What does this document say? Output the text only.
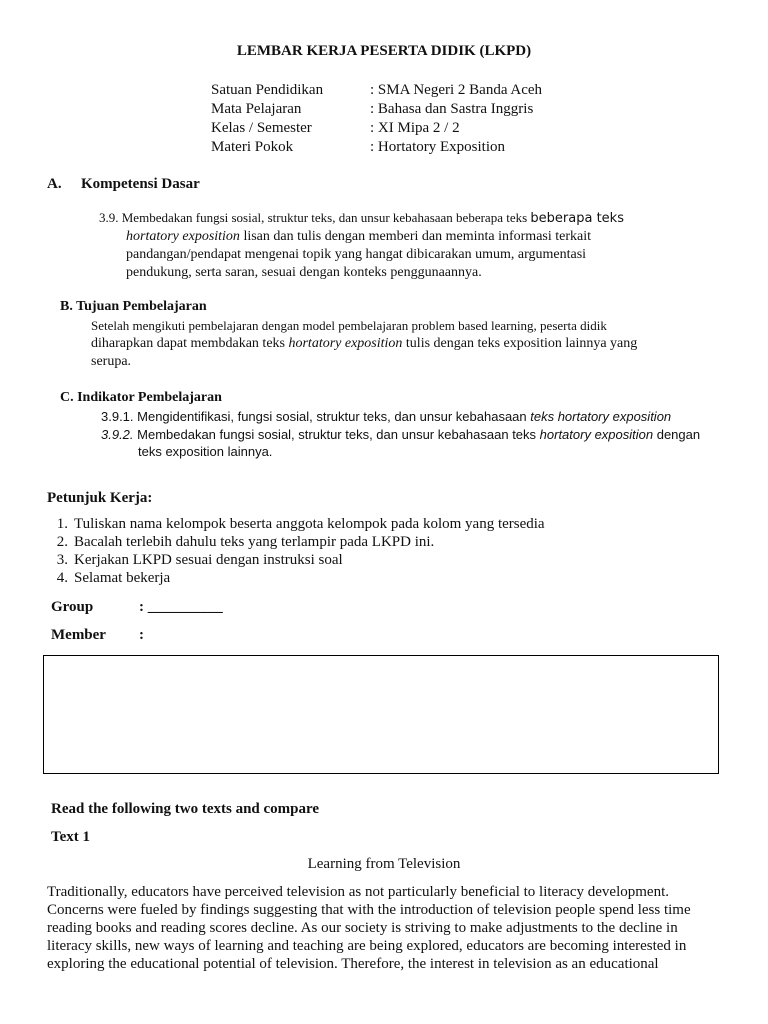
LEMBAR KERJA PESERTA DIDIK (LKPD)
Satuan Pendidikan	: SMA Negeri 2 Banda Aceh
Mata Pelajaran	: Bahasa dan Sastra Inggris
Kelas / Semester	: XI Mipa 2 / 2
Materi Pokok	: Hortatory Exposition
A. Kompetensi Dasar
3.9. Membedakan fungsi sosial, struktur teks, dan unsur kebahasaan beberapa teks beberapa teks
hortatory exposition lisan dan tulis dengan memberi dan meminta informasi terkait
pandangan/pendapat mengenai topik yang hangat dibicarakan umum, argumentasi
pendukung, serta saran, sesuai dengan konteks penggunaannya.
B. Tujuan Pembelajaran
Setelah mengikuti pembelajaran dengan model pembelajaran problem based learning, peserta didik
diharapkan dapat membdakan teks hortatory exposition tulis dengan teks exposition lainnya yang
serupa.
C. Indikator Pembelajaran
3.9.1. Mengidentifikasi, fungsi sosial, struktur teks, dan unsur kebahasaan teks hortatory exposition
3.9.2. Membedakan fungsi sosial, struktur teks, dan unsur kebahasaan teks hortatory exposition dengan
teks exposition lainnya.
Petunjuk Kerja:
1. Tuliskan nama kelompok beserta anggota kelompok pada kolom yang tersedia
2. Bacalah terlebih dahulu teks yang terlampir pada LKPD ini.
3. Kerjakan LKPD sesuai dengan instruksi soal
4. Selamat bekerja
Group	: __________
Member :
Read the following two texts and compare
Text 1
Learning from Television
Traditionally, educators have perceived television as not particularly beneficial to literacy development.
Concerns were fueled by findings suggesting that with the introduction of television people spend less time
reading books and reading scores decline. As our society is striving to make adjustments to the decline in
literacy skills, new ways of learning and teaching are being explored, educators are becoming interested in
exploring the educational potential of television. Therefore, the interest in television as an educational
